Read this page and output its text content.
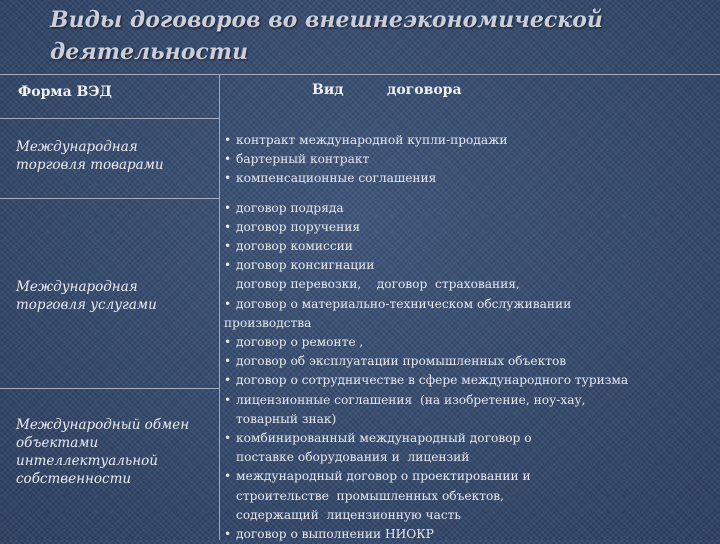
Виды договоров во внешнеэкономической
деятельности
Форма ВЭД	Вид	договора
Международная торговля товарами
Международная торговля услугами
Международный обмен объектами интеллектуальной собственности
• контракт международной купли-продажи
• бартерный контракт
• компенсационные соглашения
• договор подряда
• договор поручения
• договор комиссии
• договор консигнации
договор перевозки,    договор  страхования,
• договор о материально-техническом обслуживании
производства
• договор о ремонте ,
• договор об эксплуатации промышленных объектов
• договор о сотрудничестве в сфере международного туризма
• лицензионные соглашения  (на изобретение, ноу-хау,
товарный знак)
• комбинированный международный договор о
поставке оборудования и  лицензий
• международный договор о проектировании и
строительстве  промышленных объектов,
содержащий  лицензионную часть
• договор о выполнении НИОКР
